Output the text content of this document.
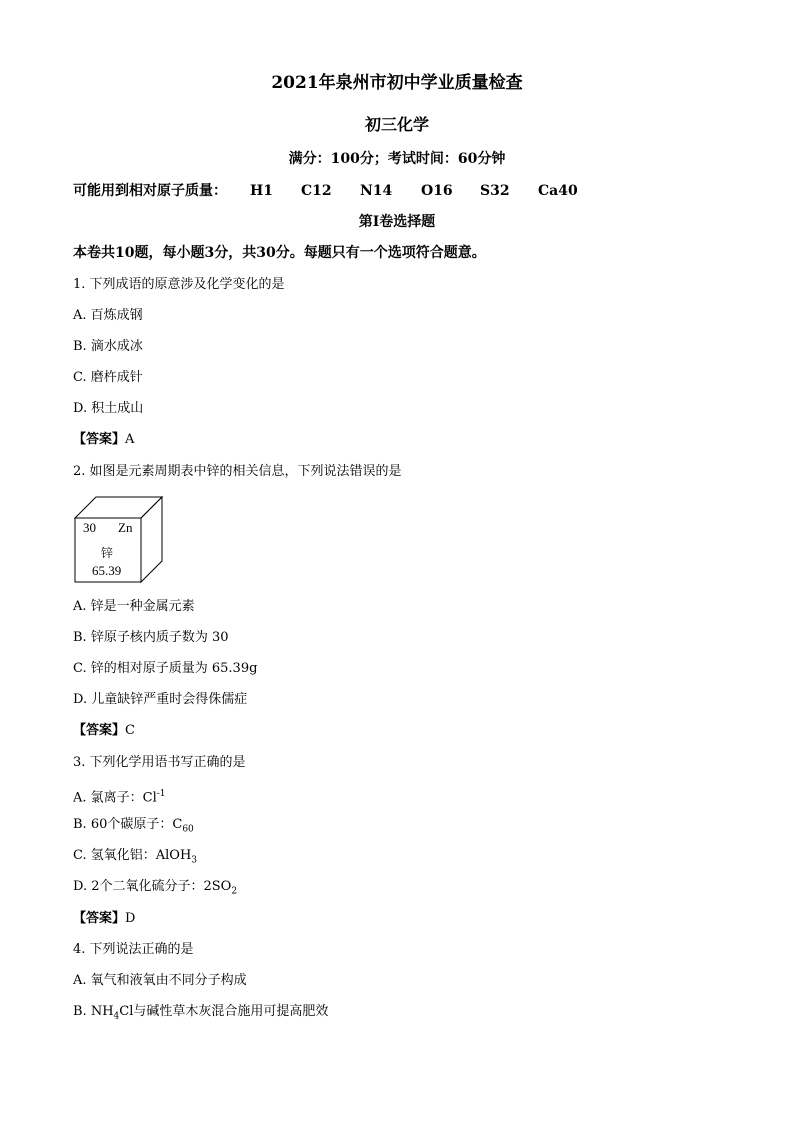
2021年泉州市初中学业质量检查
初三化学
满分：100分；考试时间：60分钟
可能用到相对原子质量： H1 C12 N14 O16 S32 Ca40
第I卷选择题
本卷共10题，每小题3分，共30分。每题只有一个选项符合题意。
1. 下列成语的原意涉及化学变化的是
A. 百炼成钢
B. 滴水成冰
C. 磨杵成针
D. 积土成山
【答案】A
2. 如图是元素周期表中锌的相关信息，下列说法错误的是
30 Zn
锌
65.39
A. 锌是一种金属元素
B. 锌原子核内质子数为 30
C. 锌的相对原子质量为 65.39g
D. 儿童缺锌严重时会得侏儒症
【答案】C
3. 下列化学用语书写正确的是
A. 氯离子：$Cl^{-1}$
B. 60个碳原子：$C_{60}$
C. 氢氧化铝：AlOH$_3$
D. 2个二氧化硫分子：$2SO_2$
【答案】D
4. 下列说法正确的是
A. 氧气和液氧由不同分子构成
B. $NH_4Cl$与碱性草木灰混合施用可提高肥效
